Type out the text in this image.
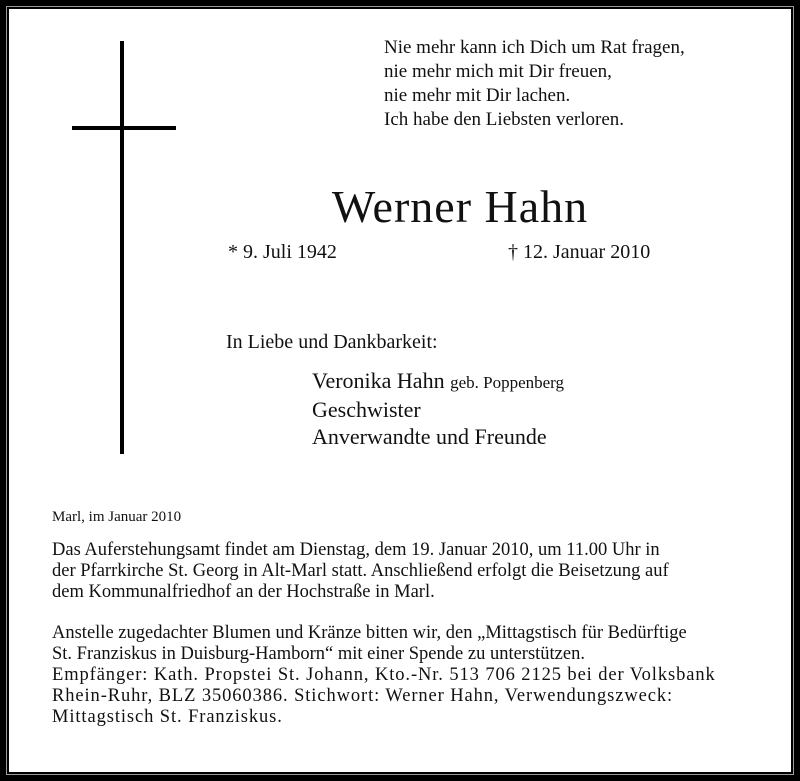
Nie mehr kann ich Dich um Rat fragen,
nie mehr mich mit Dir freuen,
nie mehr mit Dir lachen.
Ich habe den Liebsten verloren.
Werner Hahn
* 9. Juli 1942	† 12. Januar 2010
In Liebe und Dankbarkeit:
Veronika Hahn geb. Poppenberg
Geschwister
Anverwandte und Freunde
Marl, im Januar 2010
Das Auferstehungsamt findet am Dienstag, dem 19. Januar 2010, um 11.00 Uhr in
der Pfarrkirche St. Georg in Alt-Marl statt. Anschließend erfolgt die Beisetzung auf
dem Kommunalfriedhof an der Hochstraße in Marl.
Anstelle zugedachter Blumen und Kränze bitten wir, den „Mittagstisch für Bedürftige
St. Franziskus in Duisburg-Hamborn“ mit einer Spende zu unterstützen.
Empfänger: Kath. Propstei St. Johann, Kto.-Nr. 513 706 2125 bei der Volksbank
Rhein-Ruhr, BLZ 35060386. Stichwort: Werner Hahn, Verwendungszweck:
Mittagstisch St. Franziskus.
